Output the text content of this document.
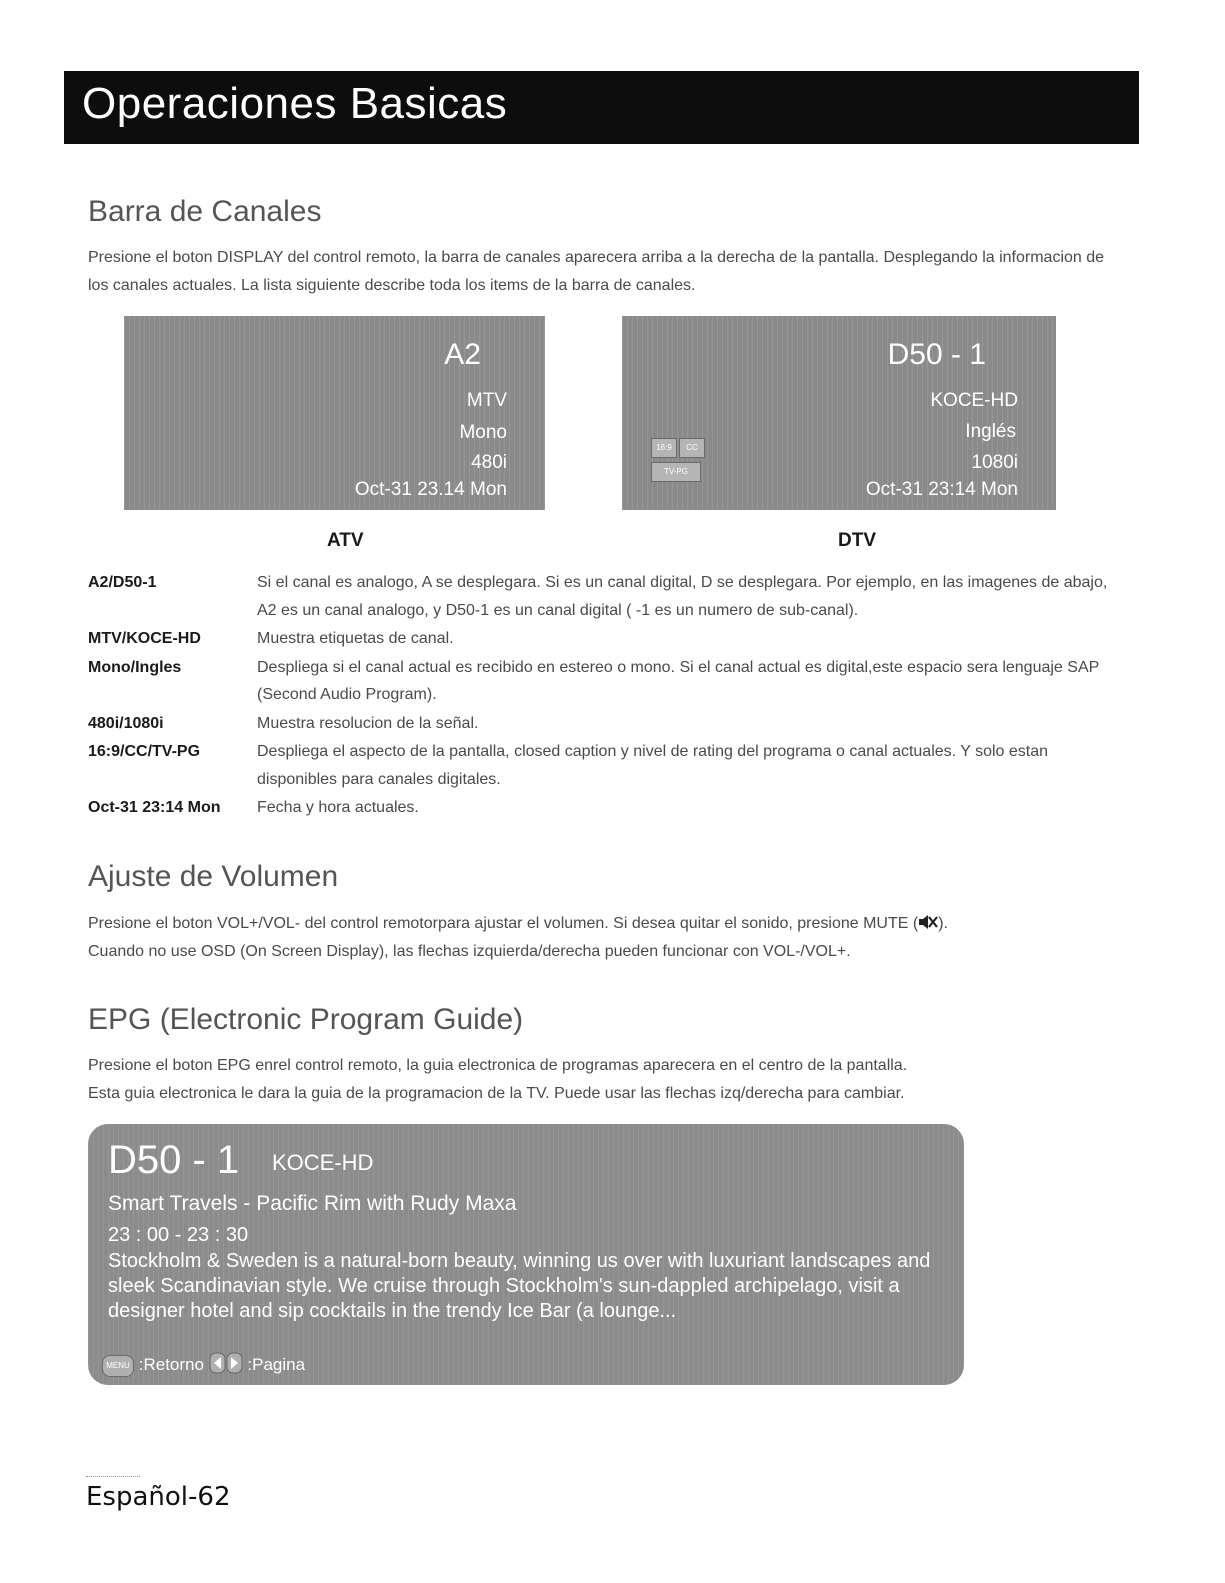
Operaciones Basicas
Barra de Canales

Presione el boton DISPLAY del control remoto, la barra de canales aparecera arriba a la derecha de la pantalla. Desplegando la informacion de los canales actuales. La lista siguiente describe toda los items de la barra de canales.

A2
MTV
Mono
480i
Oct-31 23.14 Mon
D50 - 1
KOCE-HD
Inglés
1080i
Oct-31 23:14 Mon
16:9	CC
TV-PG
ATV	DTV
A2/D50-1	Si el canal es analogo, A se desplegara. Si es un canal digital, D se desplegara. Por ejemplo, en las imagenes de abajo, A2 es un canal analogo, y D50-1 es un canal digital ( -1 es un numero de sub-canal).
MTV/KOCE-HD	Muestra etiquetas de canal.
Mono/Ingles	Despliega si el canal actual es recibido en estereo o mono. Si el canal actual es digital,este espacio sera lenguaje SAP (Second Audio Program).
480i/1080i	Muestra resolucion de la señal.
16:9/CC/TV-PG	Despliega el aspecto de la pantalla, closed caption y nivel de rating del programa o canal actuales. Y solo estan disponibles para canales digitales.
Oct-31 23:14 Mon	Fecha y hora actuales.
Ajuste de Volumen

Presione el boton VOL+/VOL- del control remotorpara ajustar el volumen. Si desea quitar el sonido, presione MUTE ( ).
Cuando no use OSD (On Screen Display), las flechas izquierda/derecha pueden funcionar con VOL-/VOL+.

EPG (Electronic Program Guide)

Presione el boton EPG enrel control remoto, la guia electronica de programas aparecera en el centro de la pantalla.
Esta guia electronica le dara la guia de la programacion de la TV. Puede usar las flechas izq/derecha para cambiar.

D50 - 1 KOCE-HD
Smart Travels - Pacific Rim with Rudy Maxa
23 : 00 - 23 : 30

Stockholm & Sweden is a natural-born beauty, winning us over with luxuriant landscapes and sleek Scandinavian style. We cruise through Stockholm's sun-dappled archipelago, visit a designer hotel and sip cocktails in the trendy Ice Bar (a lounge...

MENU :Retorno	:Pagina
Español-62
